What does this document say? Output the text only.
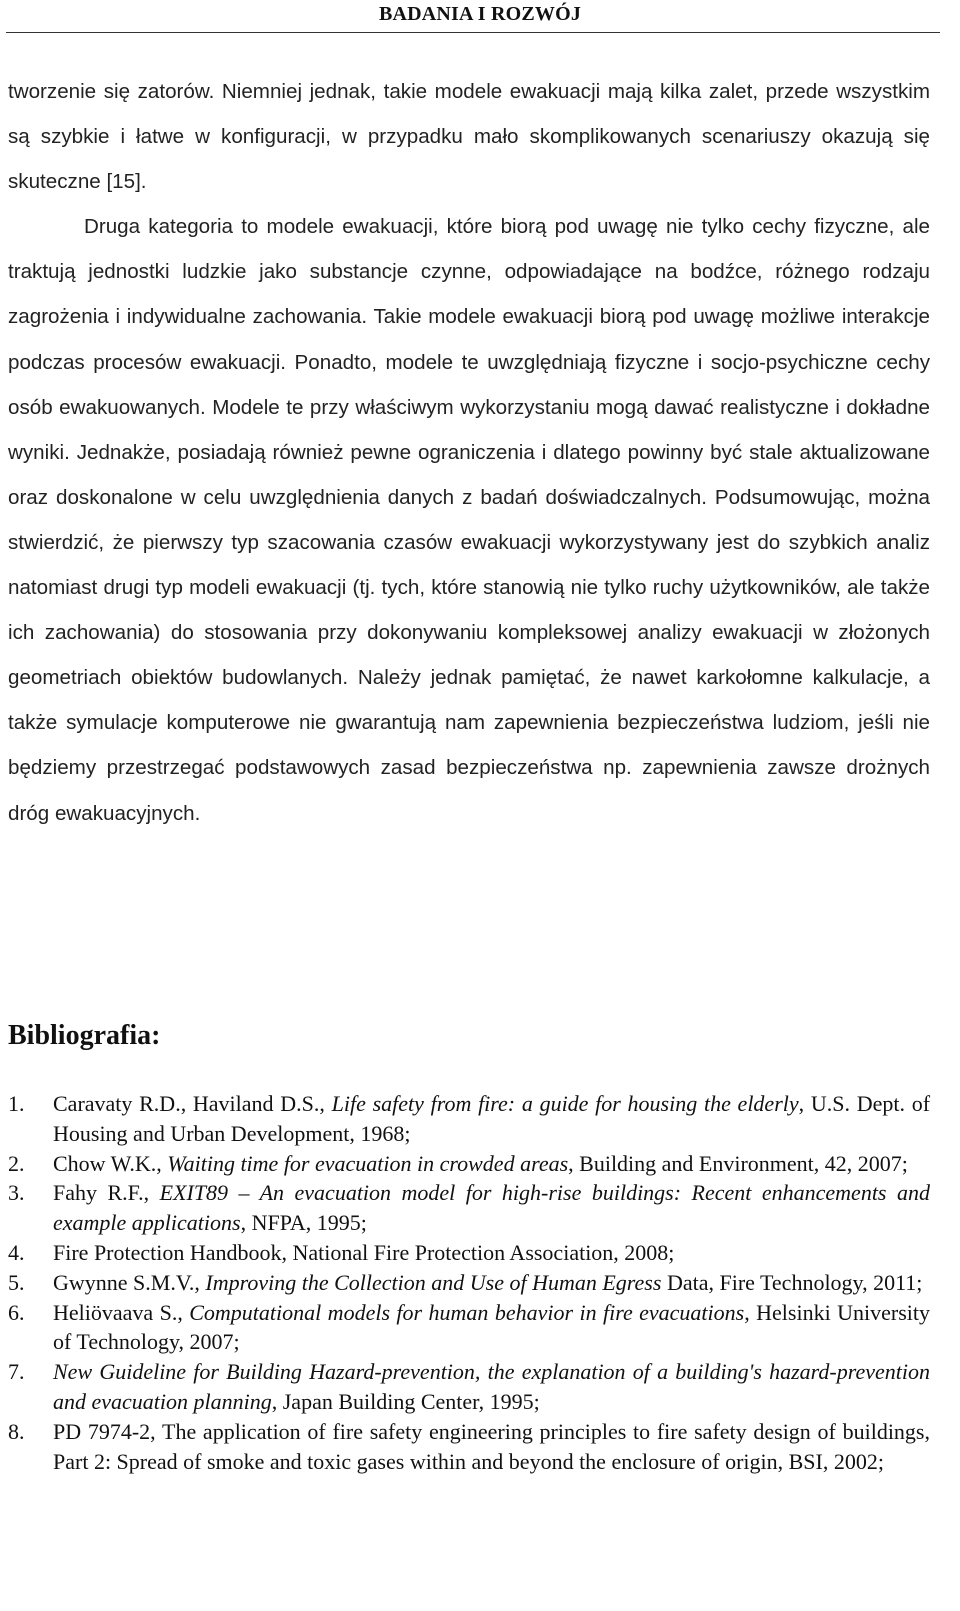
BADANIA I ROZWÓJ

tworzenie się zatorów. Niemniej jednak, takie modele ewakuacji mają kilka zalet, przede wszystkim są szybkie i łatwe w konfiguracji, w przypadku mało skomplikowanych scenariuszy okazują się skuteczne [15].

Druga kategoria to modele ewakuacji, które biorą pod uwagę nie tylko cechy fizyczne, ale traktują jednostki ludzkie jako substancje czynne, odpowiadające na bodźce, różnego rodzaju zagrożenia i indywidualne zachowania. Takie modele ewakuacji biorą pod uwagę możliwe interakcje podczas procesów ewakuacji. Ponadto, modele te uwzględniają fizyczne i socjo-psychiczne cechy osób ewakuowanych. Modele te przy właściwym wykorzystaniu mogą dawać realistyczne i dokładne wyniki. Jednakże, posiadają również pewne ograniczenia i dlatego powinny być stale aktualizowane oraz doskonalone w celu uwzględnienia danych z badań doświadczalnych. Podsumowując, można stwierdzić, że pierwszy typ szacowania czasów ewakuacji wykorzystywany jest do szybkich analiz natomiast drugi typ modeli ewakuacji (tj. tych, które stanowią nie tylko ruchy użytkowników, ale także ich zachowania) do stosowania przy dokonywaniu kompleksowej analizy ewakuacji w złożonych geometriach obiektów budowlanych. Należy jednak pamiętać, że nawet karkołomne kalkulacje, a także symulacje komputerowe nie gwarantują nam zapewnienia bezpieczeństwa ludziom, jeśli nie będziemy przestrzegać podstawowych zasad bezpieczeństwa np. zapewnienia zawsze drożnych dróg ewakuacyjnych.

Bibliografia:
1. Caravaty R.D., Haviland D.S., Life safety from fire: a guide for housing the elderly, U.S. Dept. of Housing and Urban Development, 1968;
2. Chow W.K., Waiting time for evacuation in crowded areas, Building and Environment, 42, 2007;
3. Fahy R.F., EXIT89 – An evacuation model for high-rise buildings: Recent enhancements and example applications, NFPA, 1995;
4. Fire Protection Handbook, National Fire Protection Association, 2008;
5. Gwynne S.M.V., Improving the Collection and Use of Human Egress Data, Fire Technology, 2011;
6. Heliövaava S., Computational models for human behavior in fire evacuations, Helsinki University of Technology, 2007;
7. New Guideline for Building Hazard-prevention, the explanation of a building's hazard-prevention and evacuation planning, Japan Building Center, 1995;
8. PD 7974-2, The application of fire safety engineering principles to fire safety design of buildings, Part 2: Spread of smoke and toxic gases within and beyond the enclosure of origin, BSI, 2002;
